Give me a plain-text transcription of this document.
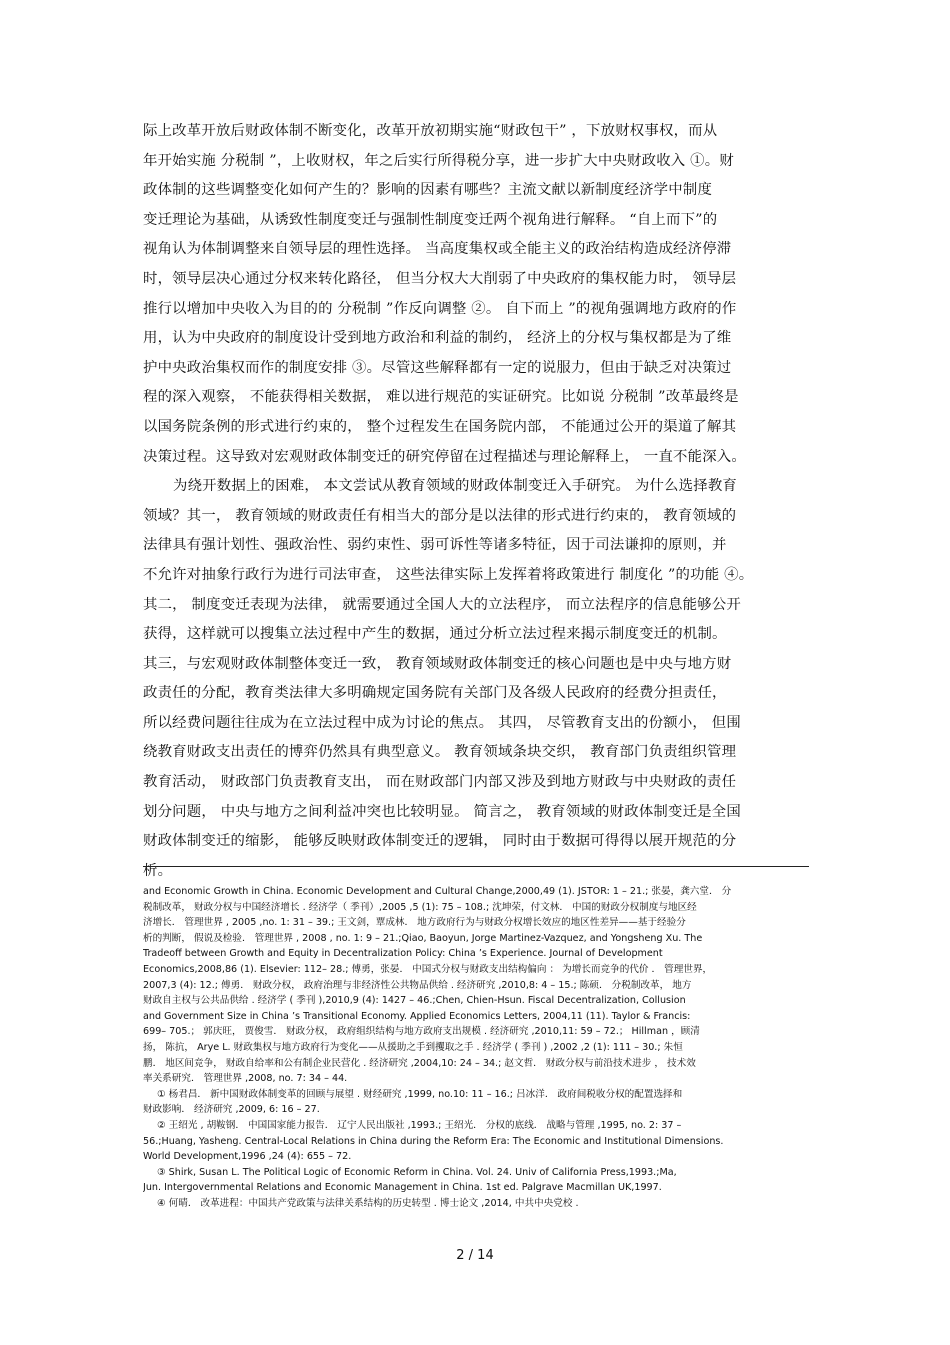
际上改革开放后财政体制不断变化，改革开放初期实施“财政包干” ，下放财权事权，而从
年开始实施 分税制 ”，上收财权，年之后实行所得税分享，进一步扩大中央财政收入 ①。财
政体制的这些调整变化如何产生的？影响的因素有哪些？主流文献以新制度经济学中制度
变迁理论为基础，从诱致性制度变迁与强制性制度变迁两个视角进行解释。 “自上而下”的
视角认为体制调整来自领导层的理性选择。 当高度集权或全能主义的政治结构造成经济停滞
时，领导层决心通过分权来转化路径， 但当分权大大削弱了中央政府的集权能力时， 领导层
推行以增加中央收入为目的的 分税制 ”作反向调整 ②。 自下而上 ”的视角强调地方政府的作
用，认为中央政府的制度设计受到地方政治和利益的制约， 经济上的分权与集权都是为了维
护中央政治集权而作的制度安排 ③。尽管这些解释都有一定的说服力，但由于缺乏对决策过
程的深入观察， 不能获得相关数据， 难以进行规范的实证研究。比如说 分税制 ”改革最终是
以国务院条例的形式进行约束的， 整个过程发生在国务院内部， 不能通过公开的渠道了解其
决策过程。这导致对宏观财政体制变迁的研究停留在过程描述与理论解释上， 一直不能深入。
为绕开数据上的困难， 本文尝试从教育领域的财政体制变迁入手研究。 为什么选择教育
领域？其一， 教育领域的财政责任有相当大的部分是以法律的形式进行约束的， 教育领域的
法律具有强计划性、强政治性、弱约束性、弱可诉性等诸多特征，因于司法谦抑的原则，并
不允许对抽象行政行为进行司法审查， 这些法律实际上发挥着将政策进行 制度化 ”的功能 ④。
其二， 制度变迁表现为法律， 就需要通过全国人大的立法程序， 而立法程序的信息能够公开
获得，这样就可以搜集立法过程中产生的数据，通过分析立法过程来揭示制度变迁的机制。
其三，与宏观财政体制整体变迁一致， 教育领域财政体制变迁的核心问题也是中央与地方财
政责任的分配，教育类法律大多明确规定国务院有关部门及各级人民政府的经费分担责任，
所以经费问题往往成为在立法过程中成为讨论的焦点。 其四， 尽管教育支出的份额小， 但围
绕教育财政支出责任的博弈仍然具有典型意义。 教育领域条块交织， 教育部门负责组织管理
教育活动， 财政部门负责教育支出， 而在财政部门内部又涉及到地方财政与中央财政的责任
划分问题， 中央与地方之间利益冲突也比较明显。 简言之， 教育领域的财政体制变迁是全国
财政体制变迁的缩影， 能够反映财政体制变迁的逻辑， 同时由于数据可得得以展开规范的分
析。
and Economic Growth in China. Economic Development and Cultural Change,2000,49 (1). JSTOR: 1 – 21.; 张晏，龚六堂． 分
税制改革， 财政分权与中国经济增长 . 经济学（ 季刊）,2005 ,5 (1): 75 – 108.; 沈坤荣，付文林． 中国的财政分权制度与地区经
济增长． 管理世界 , 2005 ,no. 1: 31 – 39.; 王文剑，覃成林． 地方政府行为与财政分权增长效应的地区性差异——基于经验分
析的判断， 假说及检验． 管理世界 , 2008 , no. 1: 9 – 21.;Qiao, Baoyun, Jorge Martinez-Vazquez, and Yongsheng Xu. The
Tradeoff between Growth and Equity in Decentralization Policy: China ’s Experience. Journal of Development
Economics,2008,86 (1). Elsevier: 112– 28.; 傅勇，张晏． 中国式分权与财政支出结构偏向 ： 为增长而竞争的代价 ． 管理世界，
2007,3 (4): 12.; 傅勇． 财政分权， 政府治理与非经济性公共物品供给 . 经济研究 ,2010,8: 4 – 15.; 陈硕． 分税制改革， 地方
财政自主权与公共品供给 . 经济学 ( 季刊 ),2010,9 (4): 1427 – 46.;Chen, Chien-Hsun. Fiscal Decentralization, Collusion
and Government Size in China ’s Transitional Economy. Applied Economics Letters, 2004,11 (11). Taylor & Francis:
699– 705.； 郭庆旺， 贾俊雪． 财政分权， 政府组织结构与地方政府支出规模 . 经济研究 ,2010,11: 59 – 72.； Hillman ，顾清
扬， 陈抗， Arye L. 财政集权与地方政府行为变化——从援助之手到攫取之手 . 经济学 ( 季刊 ) ,2002 ,2 (1): 111 – 30.; 朱恒
鹏． 地区间竞争， 财政自给率和公有制企业民营化 . 经济研究 ,2004,10: 24 – 34.; 赵文哲． 财政分权与前沿技术进步 ， 技术效
率关系研究． 管理世界 ,2008, no. 7: 34 – 44.
① 杨君昌． 新中国财政体制变革的回顾与展望 . 财经研究 ,1999, no.10: 11 – 16.; 吕冰洋． 政府间税收分权的配置选择和
财政影响． 经济研究 ,2009, 6: 16 – 27.
② 王绍光 , 胡鞍钢． 中国国家能力报告． 辽宁人民出版社 ,1993.; 王绍光． 分权的底线． 战略与管理 ,1995, no. 2: 37 –
56.;Huang, Yasheng. Central-Local Relations in China during the Reform Era: The Economic and Institutional Dimensions.
World Development,1996 ,24 (4): 655 – 72.
③ Shirk, Susan L. The Political Logic of Economic Reform in China. Vol. 24. Univ of California Press,1993.;Ma,
Jun. Intergovernmental Relations and Economic Management in China. 1st ed. Palgrave Macmillan UK,1997.
④ 何晴． 改革进程：中国共产党政策与法律关系结构的历史转型 . 博士论文 ,2014, 中共中央党校 .
2 / 14
